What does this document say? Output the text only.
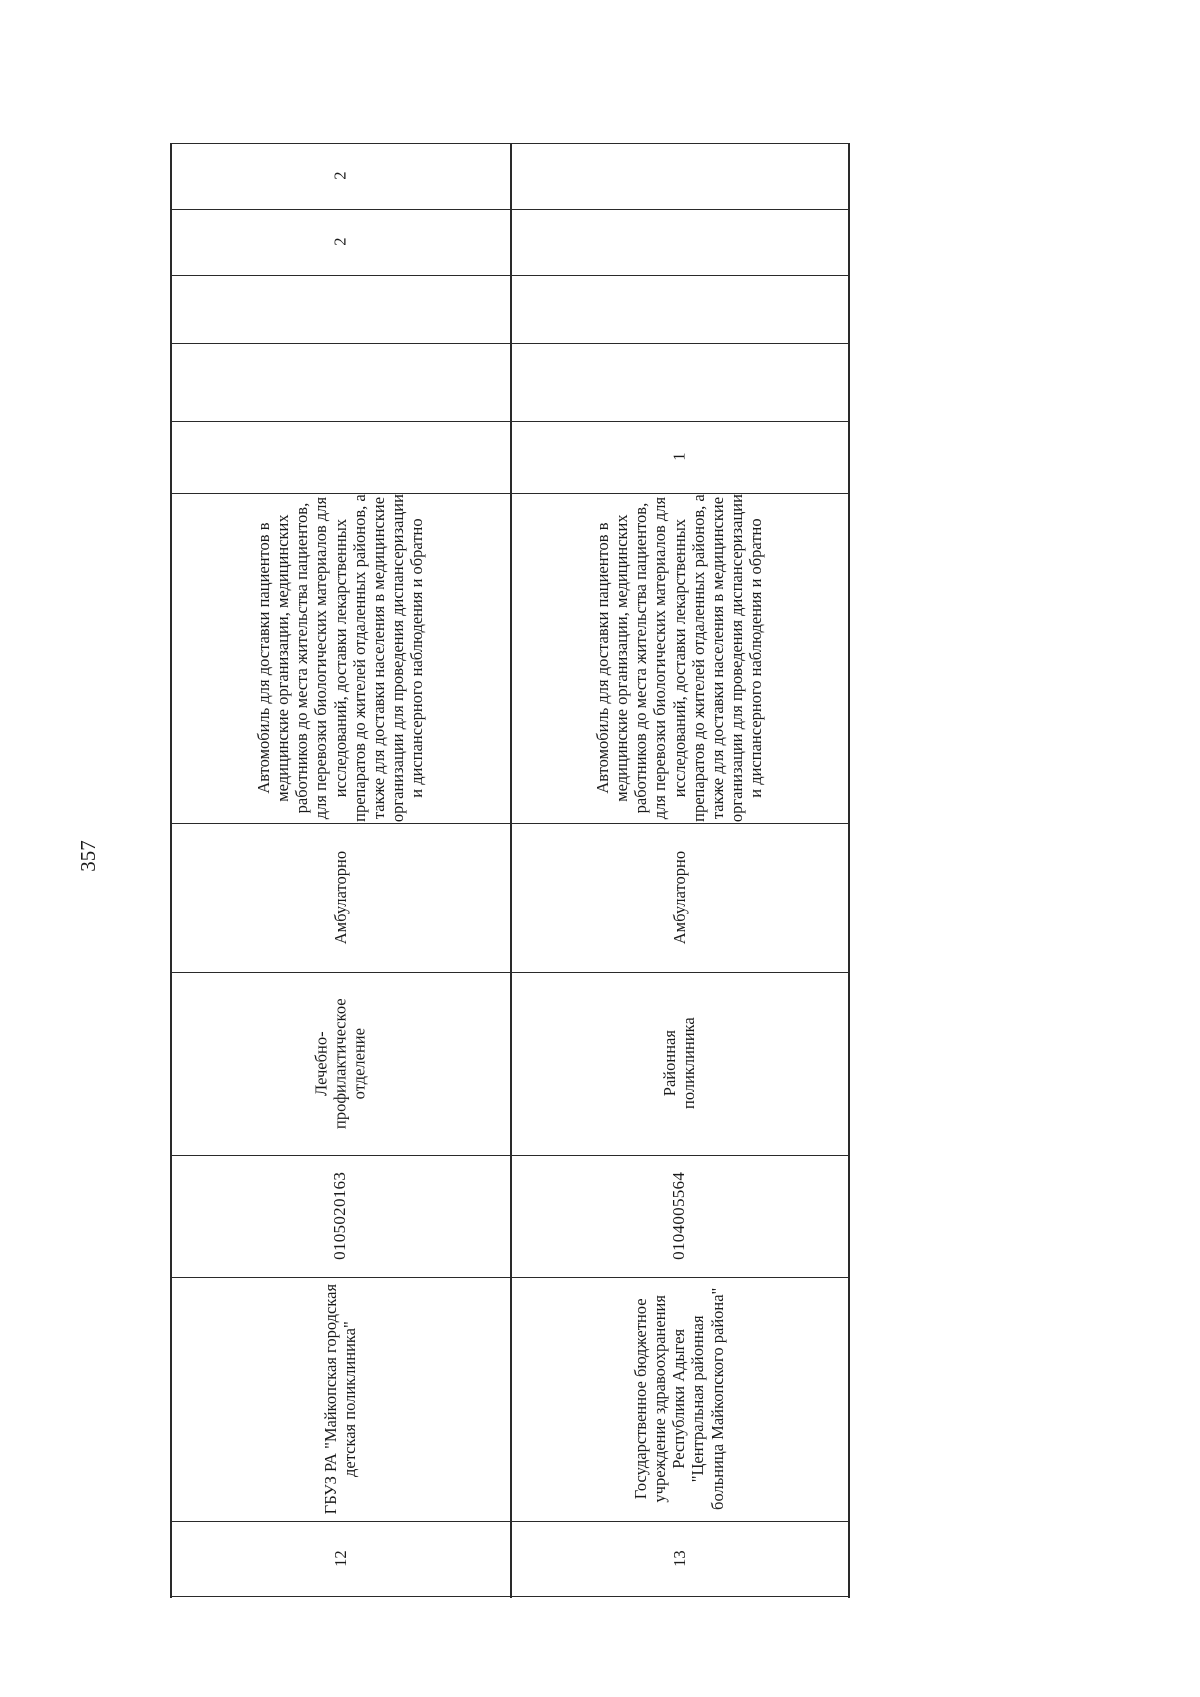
357
12
ГБУЗ РА "Майкопская городская детская поликлиника"
0105020163
Лечебно-профилактическое отделение
Амбулаторно
Автомобиль для доставки пациентов в медицинские организации, медицинских работников до места жительства пациентов, для перевозки биологических материалов для исследований, доставки лекарственных препаратов до жителей отдаленных районов, а также для доставки населения в медицинские организации для проведения диспансеризации и диспансерного наблюдения и обратно
2
2
13
Государственное бюджетное учреждение здравоохранения Республики Адыгея "Центральная районная больница Майкопского района"
0104005564
Районная поликлиника
Амбулаторно
Автомобиль для доставки пациентов в медицинские организации, медицинских работников до места жительства пациентов, для перевозки биологических материалов для исследований, доставки лекарственных препаратов до жителей отдаленных районов, а также для доставки населения в медицинские организации для проведения диспансеризации и диспансерного наблюдения и обратно
1
